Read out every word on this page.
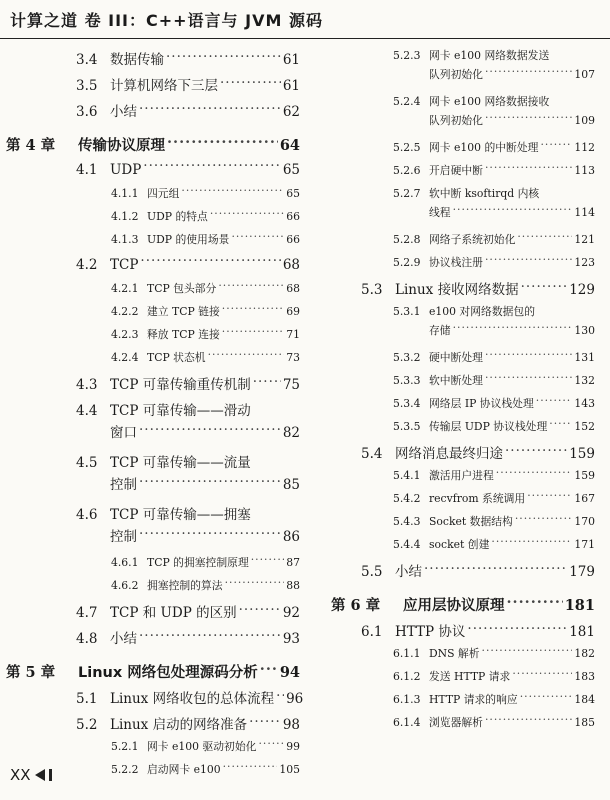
计算之道 卷 III：C++语言与 JVM 源码
3.4 数据传输 ·····	61
3.5 计算机网络下三层 ·····	61
3.6 小结 ·····	62
第 4 章	传输协议原理 ·····	64
4.1 UDP ·····	65
4.1.1 四元组 ·····	65
4.1.2 UDP 的特点 ·····	66
4.1.3 UDP 的使用场景 ·····	66
4.2 TCP ·····	68
4.2.1 TCP 包头部分 ·····	68
4.2.2 建立 TCP 链接 ·····	69
4.2.3 释放 TCP 连接 ·····	71
4.2.4 TCP 状态机 ·····	73
4.3 TCP 可靠传输重传机制 ····· 75
4.4 TCP 可靠传输——滑动
窗口 ·····	82
4.5 TCP 可靠传输——流量
控制 ·····	85
4.6 TCP 可靠传输——拥塞
控制 ·····	86
4.6.1 TCP 的拥塞控制原理 ·····	87
4.6.2 拥塞控制的算法 ·····	88
4.7 TCP 和 UDP 的区别 ·····	92
4.8 小结 ·····	93
第 5 章	Linux 网络包处理源码分析 ····· 94
5.1 Linux 网络收包的总体流程 ····· 96
5.2 Linux 启动的网络准备 ·····	98
5.2.1 网卡 e100 驱动初始化 ·····	99
5.2.2 启动网卡 e100 ·····	105
5.2.3 网卡 e100 网络数据发送
队列初始化 ·····	107
5.2.4 网卡 e100 网络数据接收
队列初始化 ·····	109
5.2.5 网卡 e100 的中断处理 ·····	112
5.2.6 开启硬中断 ·····	113
5.2.7 软中断 ksoftirqd 内核
线程 ·····	114
5.2.8 网络子系统初始化 ·····	121
5.2.9 协议栈注册 ·····	123
5.3 Linux 接收网络数据 ·····	129
5.3.1 e100 对网络数据包的
存储 ·····	130
5.3.2 硬中断处理 ·····	131
5.3.3 软中断处理 ·····	132
5.3.4 网络层 IP 协议栈处理 ·····	143
5.3.5 传输层 UDP 协议栈处理 ·····	152
5.4 网络消息最终归途 ·····	159
5.4.1 激活用户进程 ·····	159
5.4.2 recvfrom 系统调用 ·····	167
5.4.3 Socket 数据结构 ·····	170
5.4.4 socket 创建 ·····	171
5.5 小结 ·····	179
第 6 章	应用层协议原理 ·····	181
6.1 HTTP 协议 ·····	181
6.1.1 DNS 解析 ·····	182
6.1.2 发送 HTTP 请求 ·····	183
6.1.3 HTTP 请求的响应 ·····	184
6.1.4 浏览器解析 ·····	185
XX
